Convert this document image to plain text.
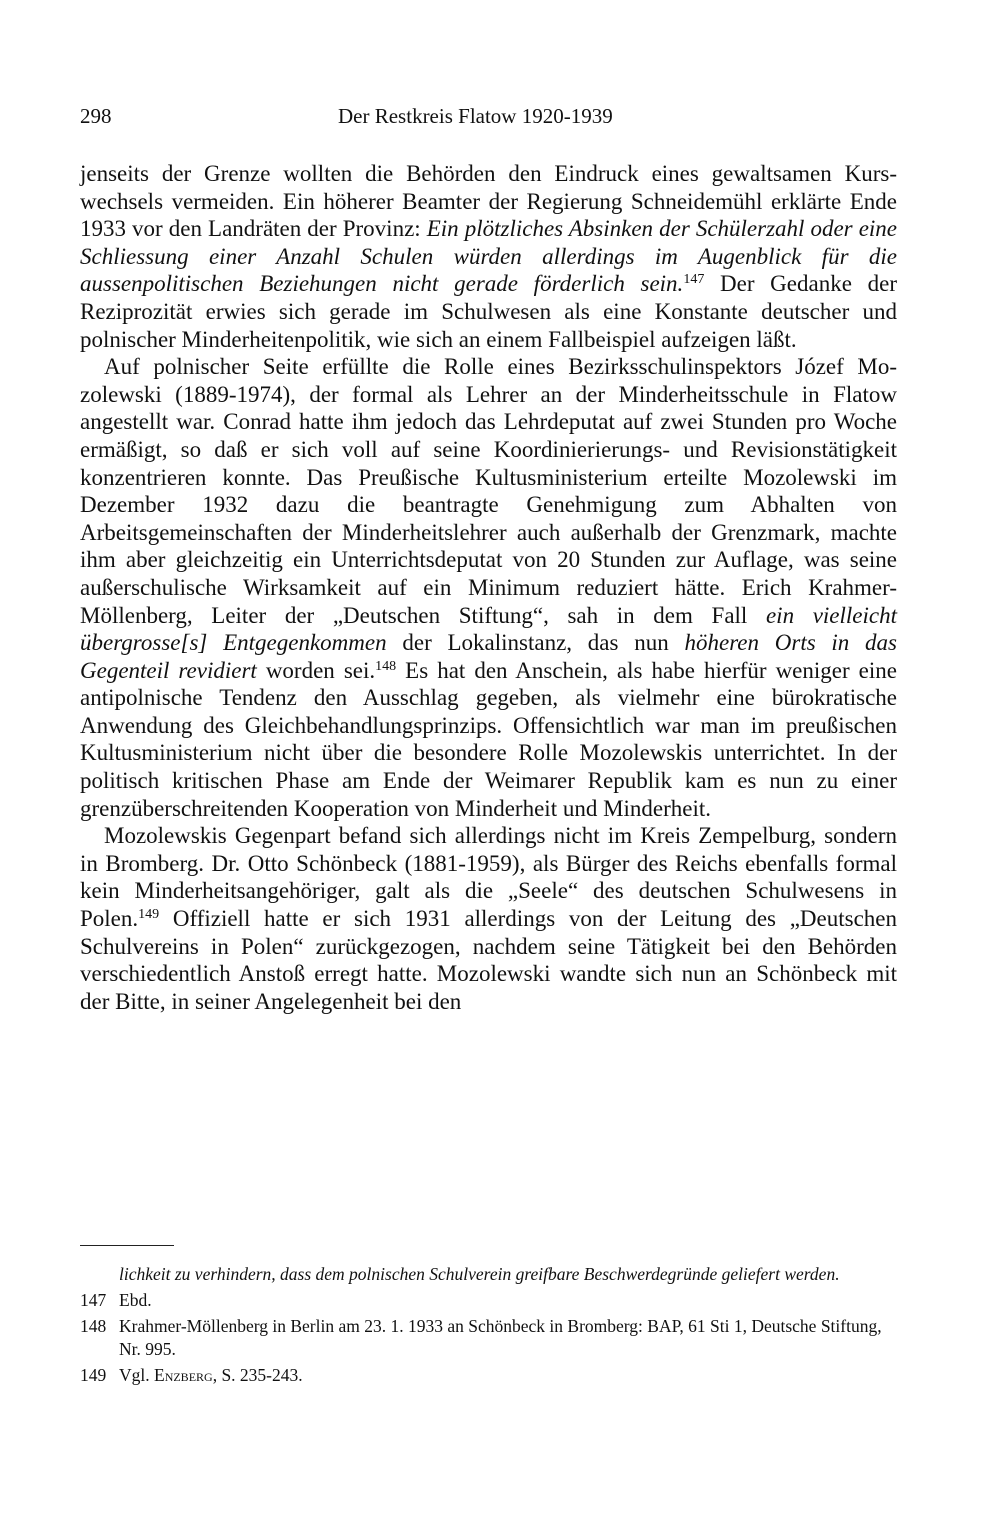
298	Der Restkreis Flatow 1920-1939

jenseits der Grenze wollten die Behörden den Eindruck eines gewaltsamen Kurswechsels vermeiden. Ein höherer Beamter der Regierung Schneidemühl erklärte Ende 1933 vor den Landräten der Provinz: Ein plötzliches Absinken der Schülerzahl oder eine Schliessung einer Anzahl Schulen würden allerdings im Augenblick für die aussenpolitischen Beziehungen nicht gerade förderlich sein.$^{147}$ Der Gedanke der Reziprozität erwies sich gerade im Schulwesen als eine Konstante deutscher und polnischer Minderheitenpolitik, wie sich an einem Fallbeispiel aufzeigen läßt.

Auf polnischer Seite erfüllte die Rolle eines Bezirksschulinspektors Józef Mozolewski (1889-1974), der formal als Lehrer an der Minderheitsschule in Flatow angestellt war. Conrad hatte ihm jedoch das Lehrdeputat auf zwei Stunden pro Woche ermäßigt, so daß er sich voll auf seine Koordinierierungs- und Revisionstätigkeit konzentrieren konnte. Das Preußische Kultusministerium erteilte Mozolewski im Dezember 1932 dazu die beantragte Genehmigung zum Abhalten von Arbeitsgemeinschaften der Minderheitslehrer auch außerhalb der Grenzmark, machte ihm aber gleichzeitig ein Unterrichtsdeputat von 20 Stunden zur Auflage, was seine außerschulische Wirksamkeit auf ein Minimum reduziert hätte. Erich Krahmer-Möllenberg, Leiter der „Deutschen Stiftung“, sah in dem Fall ein vielleicht übergrosse[s] Entgegenkommen der Lokalinstanz, das nun höheren Orts in das Gegenteil revidiert worden sei.$^{148}$ Es hat den Anschein, als habe hierfür weniger eine antipolnische Tendenz den Ausschlag gegeben, als vielmehr eine bürokratische Anwendung des Gleichbehandlungsprinzips. Offensichtlich war man im preußischen Kultusministerium nicht über die besondere Rolle Mozolewskis unterrichtet. In der politisch kritischen Phase am Ende der Weimarer Republik kam es nun zu einer grenzüberschreitenden Kooperation von Minderheit und Minderheit.

Mozolewskis Gegenpart befand sich allerdings nicht im Kreis Zempelburg, sondern in Bromberg. Dr. Otto Schönbeck (1881-1959), als Bürger des Reichs ebenfalls formal kein Minderheitsangehöriger, galt als die „Seele“ des deutschen Schulwesens in Polen.$^{149}$ Offiziell hatte er sich 1931 allerdings von der Leitung des „Deutschen Schulvereins in Polen“ zurückgezogen, nachdem seine Tätigkeit bei den Behörden verschiedentlich Anstoß erregt hatte. Mozolewski wandte sich nun an Schönbeck mit der Bitte, in seiner Angelegenheit bei den

lichkeit zu verhindern, dass dem polnischen Schulverein greifbare Beschwerdegründe geliefert werden.

147 Ebd.
148 Krahmer-Möllenberg in Berlin am 23. 1. 1933 an Schönbeck in Bromberg: BAP, 61 Sti 1, Deutsche Stiftung, Nr. 995.
149 Vgl. Enzberg, S. 235-243.
